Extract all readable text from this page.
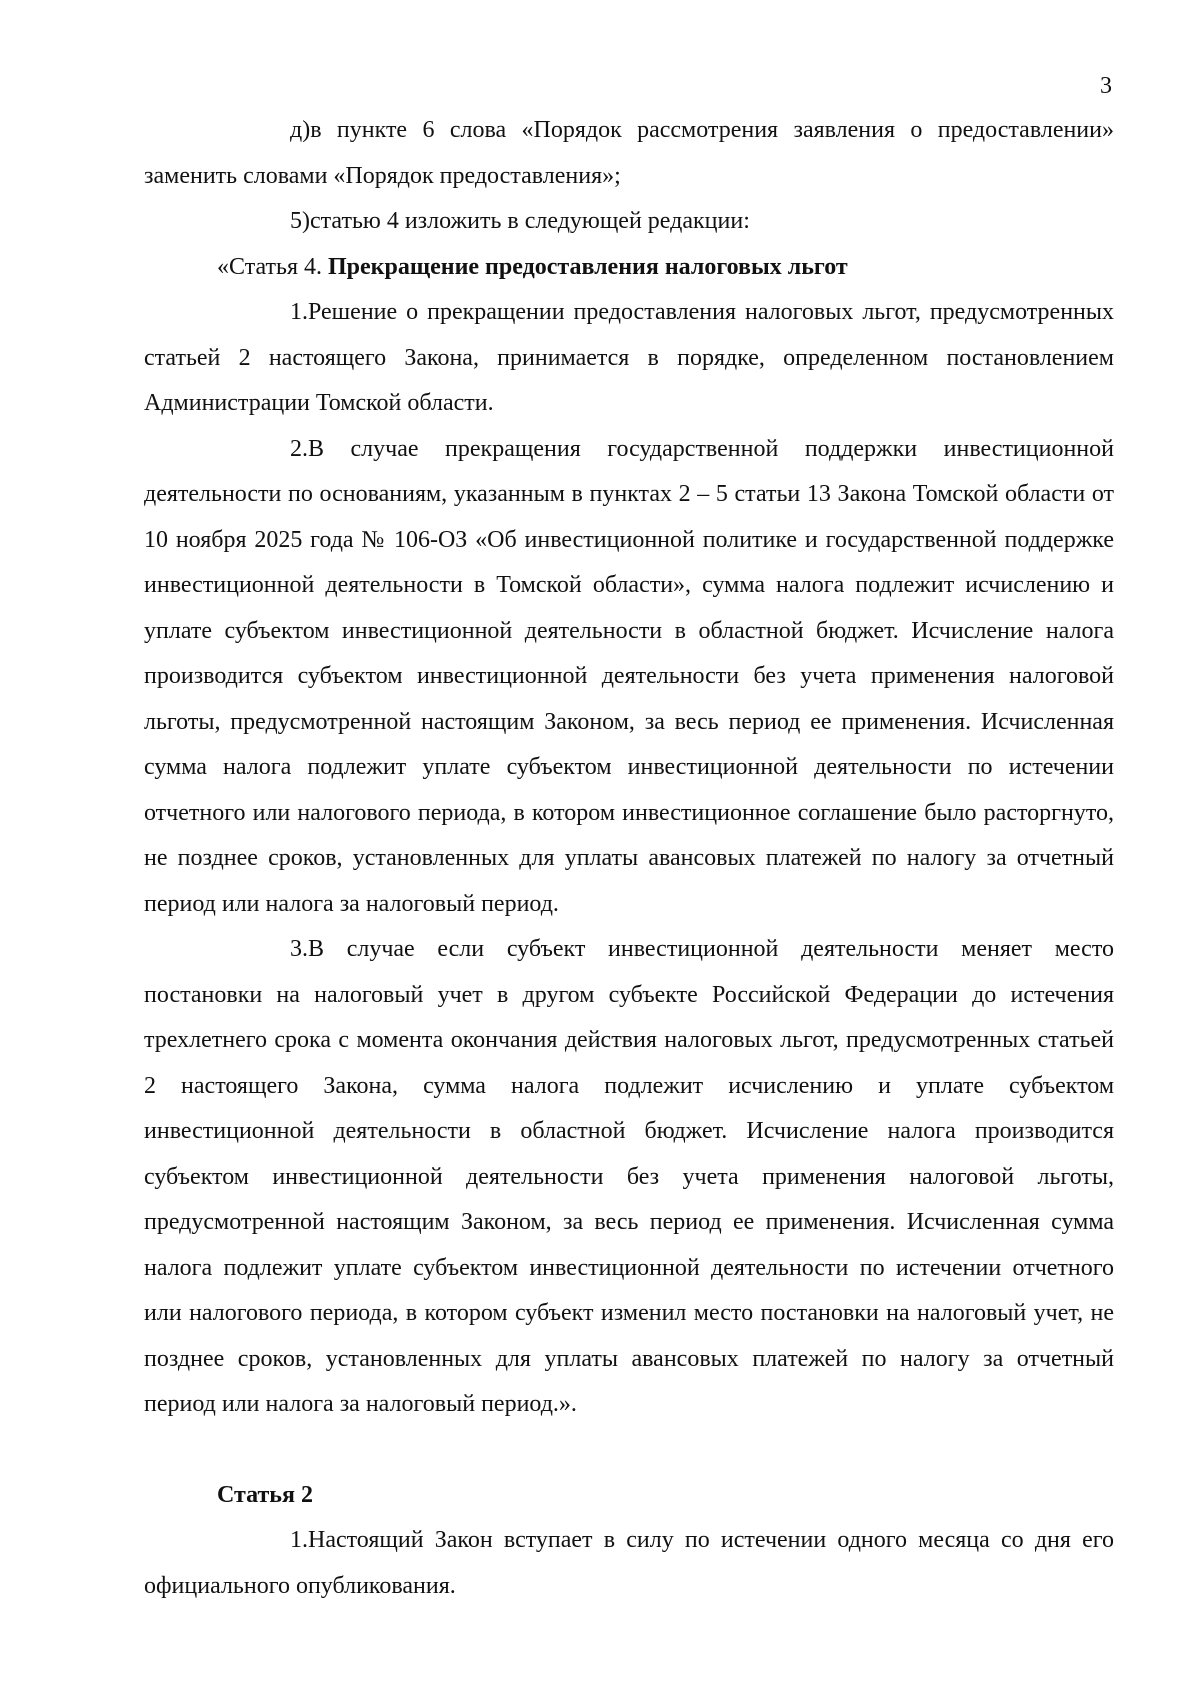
3

д)в пункте 6 слова «Порядок рассмотрения заявления о предоставлении» заменить словами «Порядок предоставления»;

5)статью 4 изложить в следующей редакции:

«Статья 4. Прекращение предоставления налоговых льгот

1.Решение о прекращении предоставления налоговых льгот, предусмотренных статьей 2 настоящего Закона, принимается в порядке, определенном постановлением Администрации Томской области.

2.В случае прекращения государственной поддержки инвестиционной деятельности по основаниям, указанным в пунктах 2 – 5 статьи 13 Закона Томской области от 10 ноября 2025 года № 106-ОЗ «Об инвестиционной политике и государственной поддержке инвестиционной деятельности в Томской области», сумма налога подлежит исчислению и уплате субъектом инвестиционной деятельности в областной бюджет. Исчисление налога производится субъектом инвестиционной деятельности без учета применения налоговой льготы, предусмотренной настоящим Законом, за весь период ее применения. Исчисленная сумма налога подлежит уплате субъектом инвестиционной деятельности по истечении отчетного или налогового периода, в котором инвестиционное соглашение было расторгнуто, не позднее сроков, установленных для уплаты авансовых платежей по налогу за отчетный период или налога за налоговый период.

3.В случае если субъект инвестиционной деятельности меняет место постановки на налоговый учет в другом субъекте Российской Федерации до истечения трехлетнего срока с момента окончания действия налоговых льгот, предусмотренных статьей 2 настоящего Закона, сумма налога подлежит исчислению и уплате субъектом инвестиционной деятельности в областной бюджет. Исчисление налога производится субъектом инвестиционной деятельности без учета применения налоговой льготы, предусмотренной настоящим Законом, за весь период ее применения. Исчисленная сумма налога подлежит уплате субъектом инвестиционной деятельности по истечении отчетного или налогового периода, в котором субъект изменил место постановки на налоговый учет, не позднее сроков, установленных для уплаты авансовых платежей по налогу за отчетный период или налога за налоговый период.».

Статья 2

1.Настоящий Закон вступает в силу по истечении одного месяца со дня его официального опубликования.
